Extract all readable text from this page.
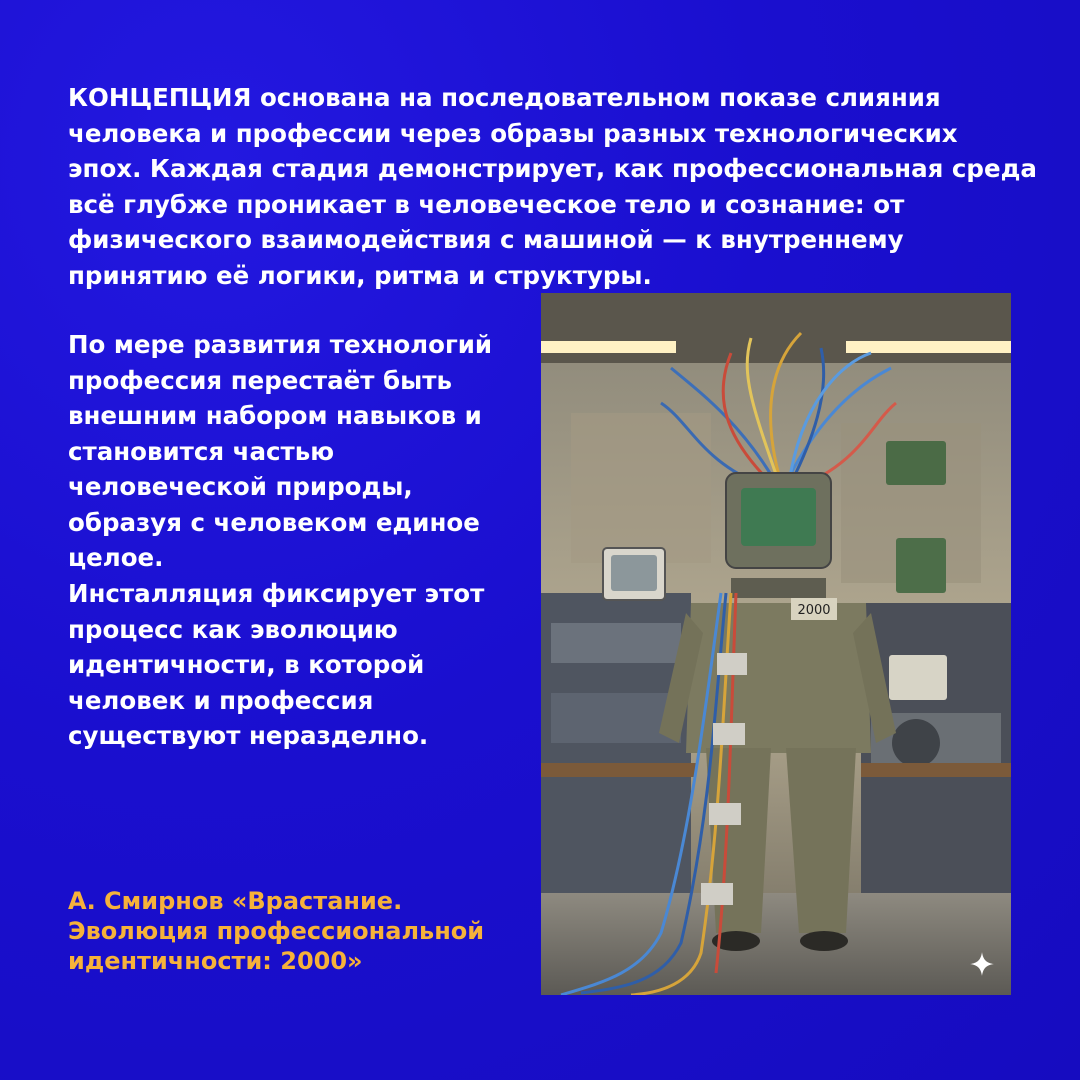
КОНЦЕПЦИЯ основана на последовательном показе слияния человека и профессии через образы разных технологических эпох. Каждая стадия демонстрирует, как профессиональная среда всё глубже проникает в человеческое тело и сознание: от физического взаимодействия с машиной — к внутреннему принятию её логики, ритма и структуры.

По мере развития технологий профессия перестаёт быть внешним набором навыков и становится частью человеческой природы, образуя с человеком единое целое.

Инсталляция фиксирует этот процесс как эволюцию идентичности, в которой человек и профессия существуют неразделно.

А. Смирнов «Врастание. Эволюция профессиональной идентичности: 2000»

2000
